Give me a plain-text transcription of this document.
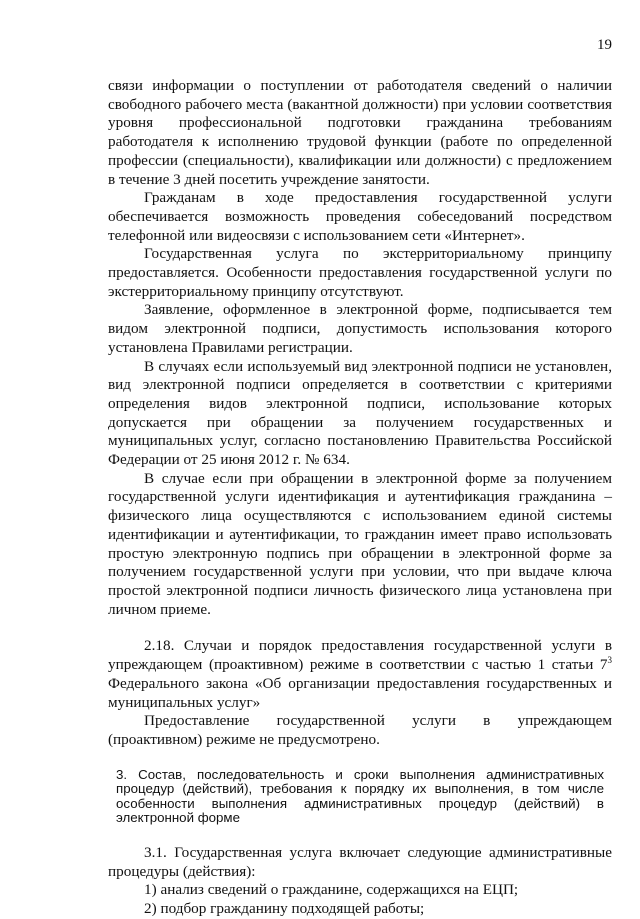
19

связи информации о поступлении от работодателя сведений о наличии свободного рабочего места (вакантной должности) при условии соответствия уровня профессиональной подготовки гражданина требованиям работодателя к исполнению трудовой функции (работе по определенной профессии (специальности), квалификации или должности) с предложением в течение 3 дней посетить учреждение занятости.

Гражданам в ходе предоставления государственной услуги обеспечивается возможность проведения собеседований посредством телефонной или видеосвязи с использованием сети «Интернет».

Государственная услуга по экстерриториальному принципу предоставляется. Особенности предоставления государственной услуги по экстерриториальному принципу отсутствуют.

Заявление, оформленное в электронной форме, подписывается тем видом электронной подписи, допустимость использования которого установлена Правилами регистрации.

В случаях если используемый вид электронной подписи не установлен, вид электронной подписи определяется в соответствии с критериями определения видов электронной подписи, использование которых допускается при обращении за получением государственных и муниципальных услуг, согласно постановлению Правительства Российской Федерации от 25 июня 2012 г. № 634.

В случае если при обращении в электронной форме за получением государственной услуги идентификация и аутентификация гражданина – физического лица осуществляются с использованием единой системы идентификации и аутентификации, то гражданин имеет право использовать простую электронную подпись при обращении в электронной форме за получением государственной услуги при условии, что при выдаче ключа простой электронной подписи личность физического лица установлена при личном приеме.

2.18. Случаи и порядок предоставления государственной услуги в упреждающем (проактивном) режиме в соответствии с частью 1 статьи $7^3$ Федерального закона «Об организации предоставления государственных и муниципальных услуг»

Предоставление государственной услуги в упреждающем (проактивном) режиме не предусмотрено.

3. Состав, последовательность и сроки выполнения административных процедур (действий), требования к порядку их выполнения, в том числе особенности выполнения административных процедур (действий) в электронной форме

3.1. Государственная услуга включает следующие административные процедуры (действия):

1) анализ сведений о гражданине, содержащихся на ЕЦП;

2) подбор гражданину подходящей работы;
